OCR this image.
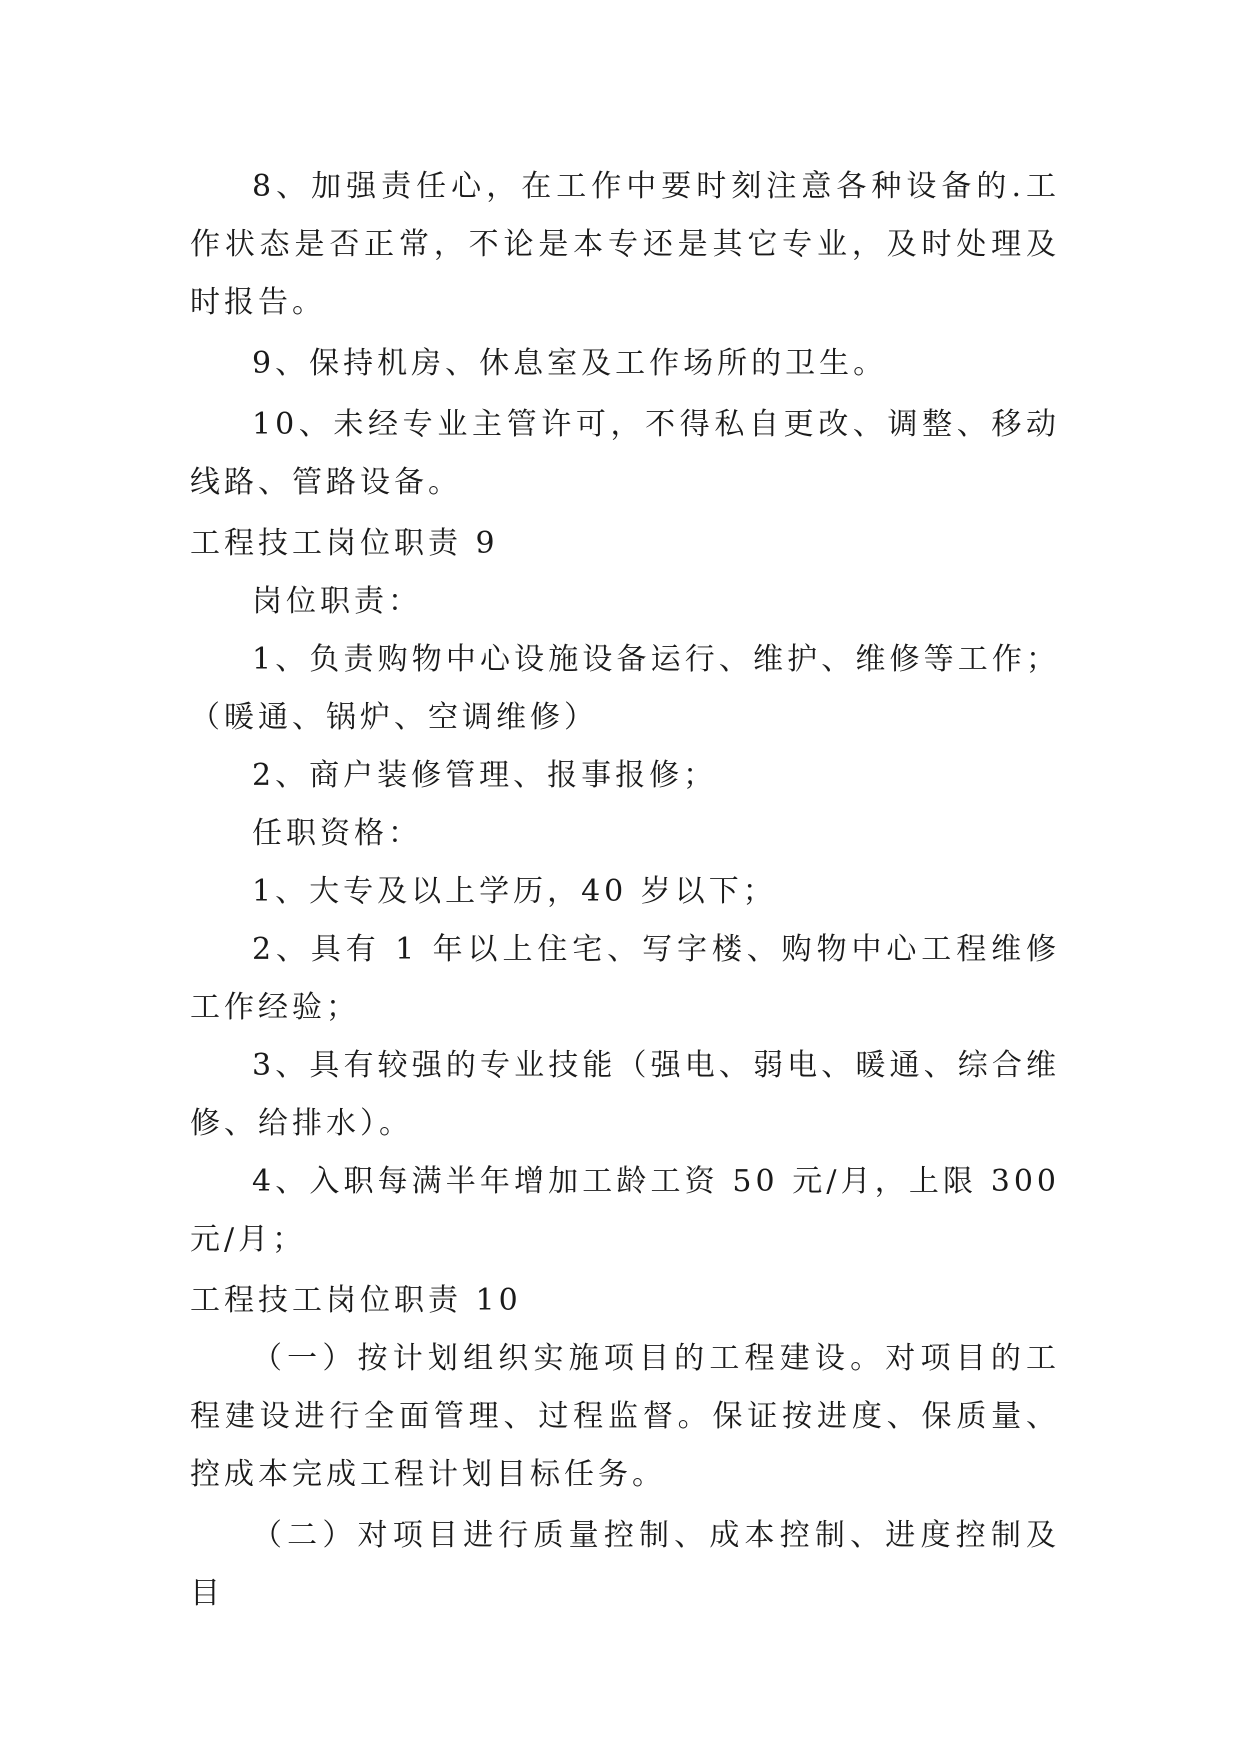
8、加强责任心，在工作中要时刻注意各种设备的.工作状态是否正常，不论是本专还是其它专业，及时处理及时报告。

9、保持机房、休息室及工作场所的卫生。

10、未经专业主管许可，不得私自更改、调整、移动线路、管路设备。

工程技工岗位职责 9

岗位职责：

1、负责购物中心设施设备运行、维护、维修等工作；（暖通、锅炉、空调维修）

2、商户装修管理、报事报修；

任职资格：

1、大专及以上学历，40 岁以下；

2、具有 1 年以上住宅、写字楼、购物中心工程维修工作经验；

3、具有较强的专业技能（强电、弱电、暖通、综合维修、给排水）。

4、入职每满半年增加工龄工资 50 元/月，上限 300 元/月；

工程技工岗位职责 10

（一）按计划组织实施项目的工程建设。对项目的工程建设进行全面管理、过程监督。保证按进度、保质量、控成本完成工程计划目标任务。

（二）对项目进行质量控制、成本控制、进度控制及目
